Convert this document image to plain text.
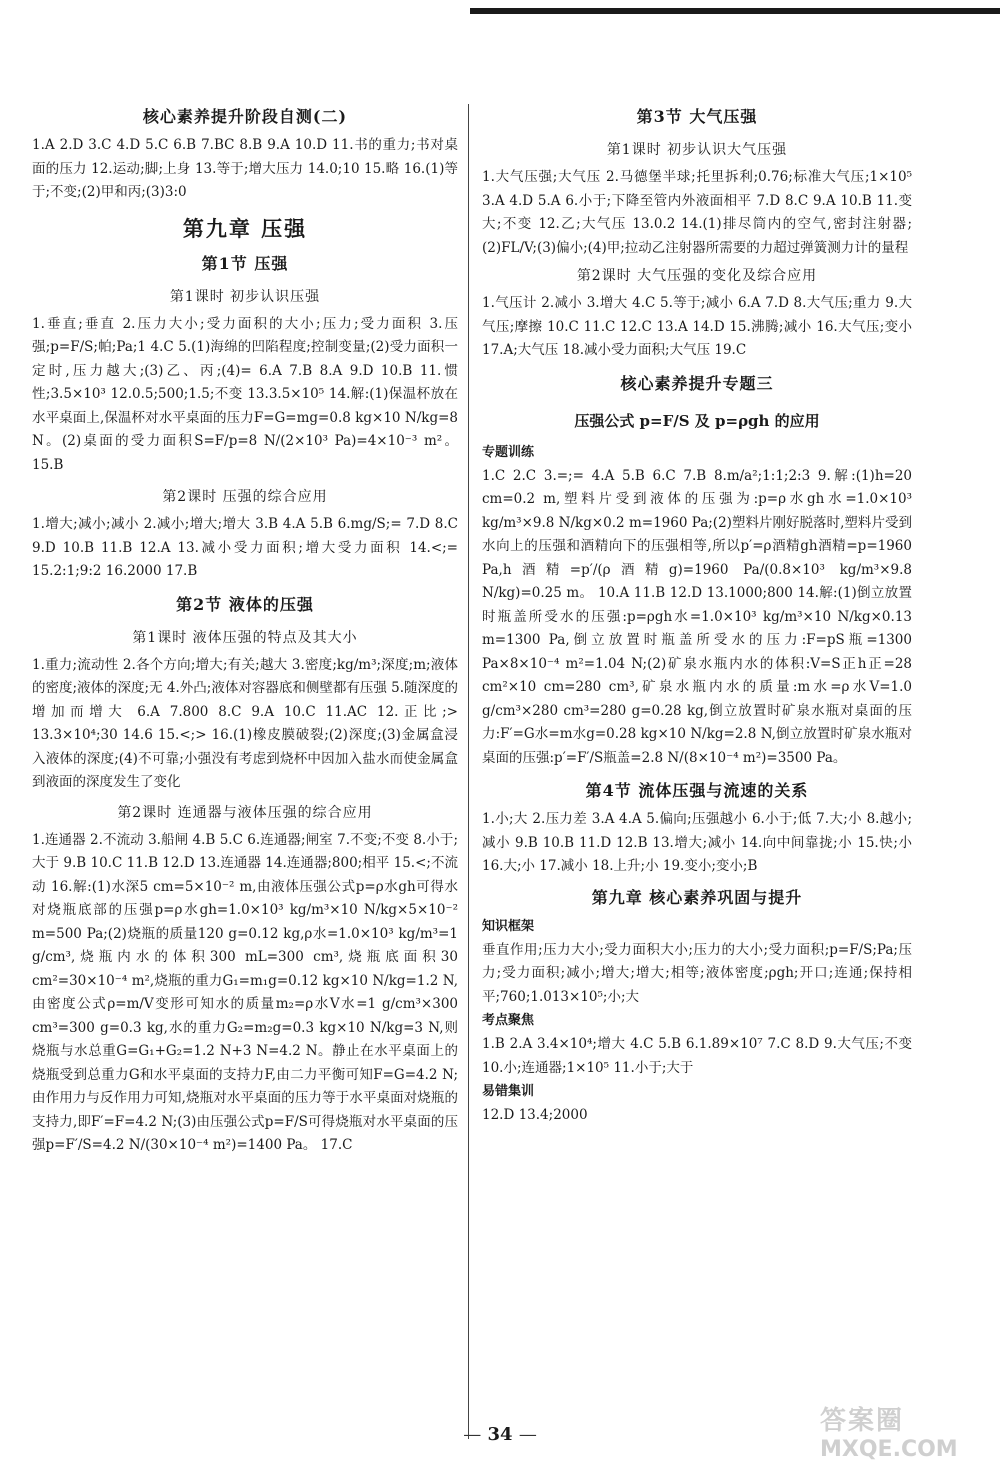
核心素养提升阶段自测(二)

1.A 2.D 3.C 4.D 5.C 6.B 7.BC 8.B 9.A 10.D 11.书的重力;书对桌面的压力 12.运动;脚;上身 13.等于;增大压力 14.0;10 15.略 16.(1)等于;不变;(2)甲和丙;(3)3:0

第九章 压强
第1节 压强
第1课时 初步认识压强

1.垂直;垂直 2.压力大小;受力面积的大小;压力;受力面积 3.压强;p=F/S;帕;Pa;1 4.C 5.(1)海绵的凹陷程度;控制变量;(2)受力面积一定时,压力越大;(3)乙、丙;(4)= 6.A 7.B 8.A 9.D 10.B 11.惯性;3.5×10³ 12.0.5;500;1.5;不变 13.3.5×10⁵ 14.解:(1)保温杯放在水平桌面上,保温杯对水平桌面的压力F=G=mg=0.8 kg×10 N/kg=8 N。(2)桌面的受力面积S=F/p=8 N/(2×10³ Pa)=4×10⁻³ m²。 15.B

第2课时 压强的综合应用

1.增大;减小;减小 2.减小;增大;增大 3.B 4.A 5.B 6.mg/S;= 7.D 8.C 9.D 10.B 11.B 12.A 13.减小受力面积;增大受力面积 14.<;= 15.2:1;9:2 16.2000 17.B

第2节 液体的压强
第1课时 液体压强的特点及其大小

1.重力;流动性 2.各个方向;增大;有关;越大 3.密度;kg/m³;深度;m;液体的密度;液体的深度;无 4.外凸;液体对容器底和侧壁都有压强 5.随深度的增加而增大 6.A 7.800 8.C 9.A 10.C 11.AC 12.正比;> 13.3×10⁴;30 14.6 15.<;> 16.(1)橡皮膜破裂;(2)深度;(3)金属盒浸入液体的深度;(4)不可靠;小强没有考虑到烧杯中因加入盐水而使金属盒到液面的深度发生了变化

第2课时 连通器与液体压强的综合应用

1.连通器 2.不流动 3.船闸 4.B 5.C 6.连通器;闸室 7.不变;不变 8.小于;大于 9.B 10.C 11.B 12.D 13.连通器 14.连通器;800;相平 15.<;不流动 16.解:(1)水深5 cm=5×10⁻² m,由液体压强公式p=ρ水gh可得水对烧瓶底部的压强p=ρ水gh=1.0×10³ kg/m³×10 N/kg×5×10⁻² m=500 Pa;(2)烧瓶的质量120 g=0.12 kg,ρ水=1.0×10³ kg/m³=1 g/cm³,烧瓶内水的体积300 mL=300 cm³,烧瓶底面积30 cm²=30×10⁻⁴ m²,烧瓶的重力G₁=m₁g=0.12 kg×10 N/kg=1.2 N,由密度公式ρ=m/V变形可知水的质量m₂=ρ水V水=1 g/cm³×300 cm³=300 g=0.3 kg,水的重力G₂=m₂g=0.3 kg×10 N/kg=3 N,则烧瓶与水总重G=G₁+G₂=1.2 N+3 N=4.2 N。静止在水平桌面上的烧瓶受到总重力G和水平桌面的支持力F,由二力平衡可知F=G=4.2 N;由作用力与反作用力可知,烧瓶对水平桌面的压力等于水平桌面对烧瓶的支持力,即F′=F=4.2 N;(3)由压强公式p=F/S可得烧瓶对水平桌面的压强p=F′/S=4.2 N/(30×10⁻⁴ m²)=1400 Pa。 17.C

第3节 大气压强
第1课时 初步认识大气压强

1.大气压强;大气压 2.马德堡半球;托里拆利;0.76;标准大气压;1×10⁵ 3.A 4.D 5.A 6.小于;下降至管内外液面相平 7.D 8.C 9.A 10.B 11.变大;不变 12.乙;大气压 13.0.2 14.(1)排尽筒内的空气,密封注射器;(2)FL/V;(3)偏小;(4)甲;拉动乙注射器所需要的力超过弹簧测力计的量程

第2课时 大气压强的变化及综合应用

1.气压计 2.减小 3.增大 4.C 5.等于;减小 6.A 7.D 8.大气压;重力 9.大气压;摩擦 10.C 11.C 12.C 13.A 14.D 15.沸腾;减小 16.大气压;变小 17.A;大气压 18.减小受力面积;大气压 19.C

核心素养提升专题三
压强公式 p=F/S 及 p=ρgh 的应用
专题训练

1.C 2.C 3.=;= 4.A 5.B 6.C 7.B 8.m/a²;1:1;2:3 9.解:(1)h=20 cm=0.2 m,塑料片受到液体的压强为:p=ρ水gh水=1.0×10³ kg/m³×9.8 N/kg×0.2 m=1960 Pa;(2)塑料片刚好脱落时,塑料片受到水向上的压强和酒精向下的压强相等,所以p′=ρ酒精gh酒精=p=1960 Pa,h酒精=p′/(ρ酒精g)=1960 Pa/(0.8×10³ kg/m³×9.8 N/kg)=0.25 m。 10.A 11.B 12.D 13.1000;800 14.解:(1)倒立放置时瓶盖所受水的压强:p=ρgh水=1.0×10³ kg/m³×10 N/kg×0.13 m=1300 Pa,倒立放置时瓶盖所受水的压力:F=pS瓶=1300 Pa×8×10⁻⁴ m²=1.04 N;(2)矿泉水瓶内水的体积:V=S正h正=28 cm²×10 cm=280 cm³,矿泉水瓶内水的质量:m水=ρ水V=1.0 g/cm³×280 cm³=280 g=0.28 kg,倒立放置时矿泉水瓶对桌面的压力:F′=G水=m水g=0.28 kg×10 N/kg=2.8 N,倒立放置时矿泉水瓶对桌面的压强:p′=F′/S瓶盖=2.8 N/(8×10⁻⁴ m²)=3500 Pa。

第4节 流体压强与流速的关系

1.小;大 2.压力差 3.A 4.A 5.偏向;压强越小 6.小于;低 7.大;小 8.越小;减小 9.B 10.B 11.D 12.B 13.增大;减小 14.向中间靠拢;小 15.快;小 16.大;小 17.减小 18.上升;小 19.变小;变小;B

第九章 核心素养巩固与提升
知识框架

垂直作用;压力大小;受力面积大小;压力的大小;受力面积;p=F/S;Pa;压力;受力面积;减小;增大;增大;相等;液体密度;ρgh;开口;连通;保持相平;760;1.013×10⁵;小;大

考点聚焦

1.B 2.A 3.4×10⁴;增大 4.C 5.B 6.1.89×10⁷ 7.C 8.D 9.大气压;不变 10.小;连通器;1×10⁵ 11.小于;大于

易错集训

12.D 13.4;2000

— 34 —	答案圈
MXQE.COM
